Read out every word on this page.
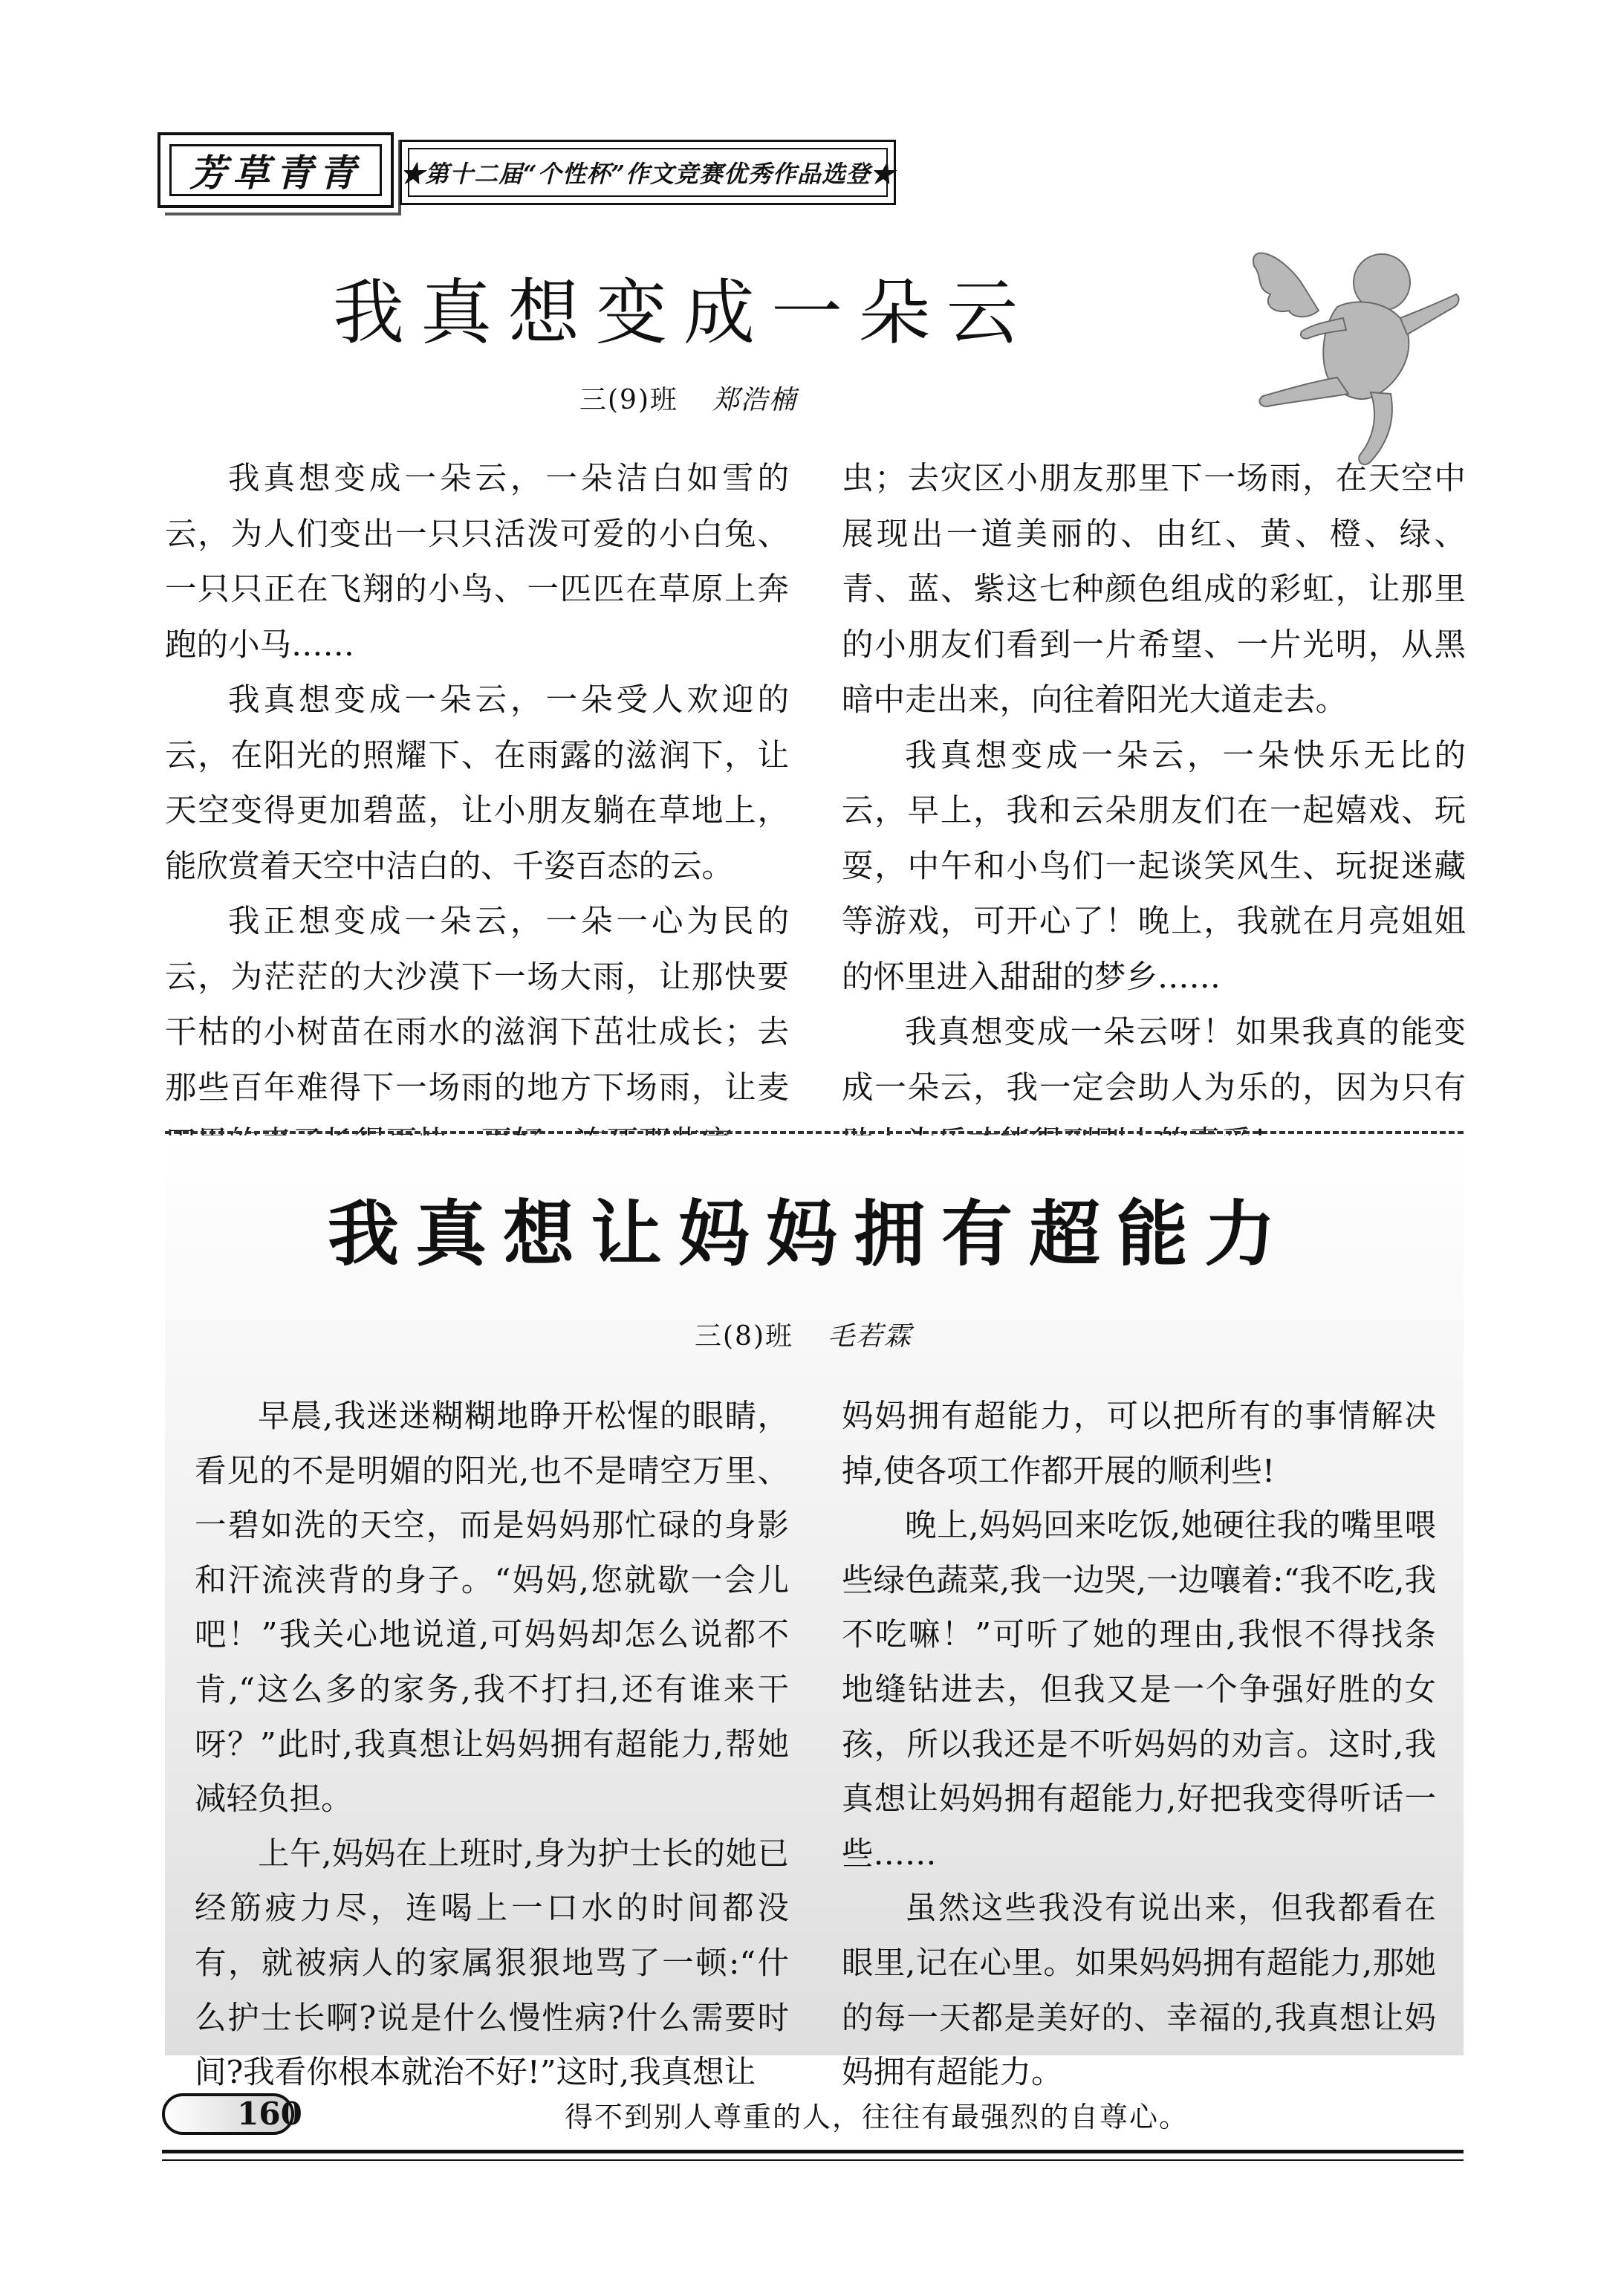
芳草青青	★第十二届“个性杯”作文竞赛优秀作品选登★
我真想变成一朵云
三(9)班 郑浩楠

我真想变成一朵云，一朵洁白如雪的云，为人们变出一只只活泼可爱的小白兔、一只只正在飞翔的小鸟、一匹匹在草原上奔跑的小马……

我真想变成一朵云，一朵受人欢迎的云，在阳光的照耀下、在雨露的滋润下，让天空变得更加碧蓝，让小朋友躺在草地上，能欣赏着天空中洁白的、千姿百态的云。

我正想变成一朵云，一朵一心为民的云，为茫茫的大沙漠下一场大雨，让那快要干枯的小树苗在雨水的滋润下茁壮成长；去那些百年难得下一场雨的地方下场雨，让麦

虫；去灾区小朋友那里下一场雨，在天空中展现出一道美丽的、由红、黄、橙、绿、青、蓝、紫这七种颜色组成的彩虹，让那里的小朋友们看到一片希望、一片光明，从黑暗中走出来，向往着阳光大道走去。

我真想变成一朵云，一朵快乐无比的云，早上，我和云朵朋友们在一起嬉戏、玩耍，中午和小鸟们一起谈笑风生、玩捉迷藏等游戏，可开心了！晚上，我就在月亮姐姐的怀里进入甜甜的梦乡……

我真想变成一朵云呀！如果我真的能变成一朵云，我一定会助人为乐的，因为只有

我真想让妈妈拥有超能力
三(8)班 毛若霖

早晨,我迷迷糊糊地睁开松惺的眼睛，看见的不是明媚的阳光,也不是晴空万里、一碧如洗的天空，而是妈妈那忙碌的身影和汗流浃背的身子。“妈妈,您就歇一会儿吧！”我关心地说道,可妈妈却怎么说都不肯,“这么多的家务,我不打扫,还有谁来干呀？”此时,我真想让妈妈拥有超能力,帮她减轻负担。

上午,妈妈在上班时,身为护士长的她已经筋疲力尽，连喝上一口水的时间都没有，就被病人的家属狠狠地骂了一顿:“什么护士长啊?说是什么慢性病?什么需要时间?我看你根本就治不好!”这时,我真想让

妈妈拥有超能力，可以把所有的事情解决掉,使各项工作都开展的顺利些!

晚上,妈妈回来吃饭,她硬往我的嘴里喂些绿色蔬菜,我一边哭,一边嚷着:“我不吃,我不吃嘛！”可听了她的理由,我恨不得找条地缝钻进去，但我又是一个争强好胜的女孩，所以我还是不听妈妈的劝言。这时,我真想让妈妈拥有超能力,好把我变得听话一些……

虽然这些我没有说出来，但我都看在眼里,记在心里。如果妈妈拥有超能力,那她的每一天都是美好的、幸福的,我真想让妈妈拥有超能力。

160	得不到别人尊重的人，往往有最强烈的自尊心。
